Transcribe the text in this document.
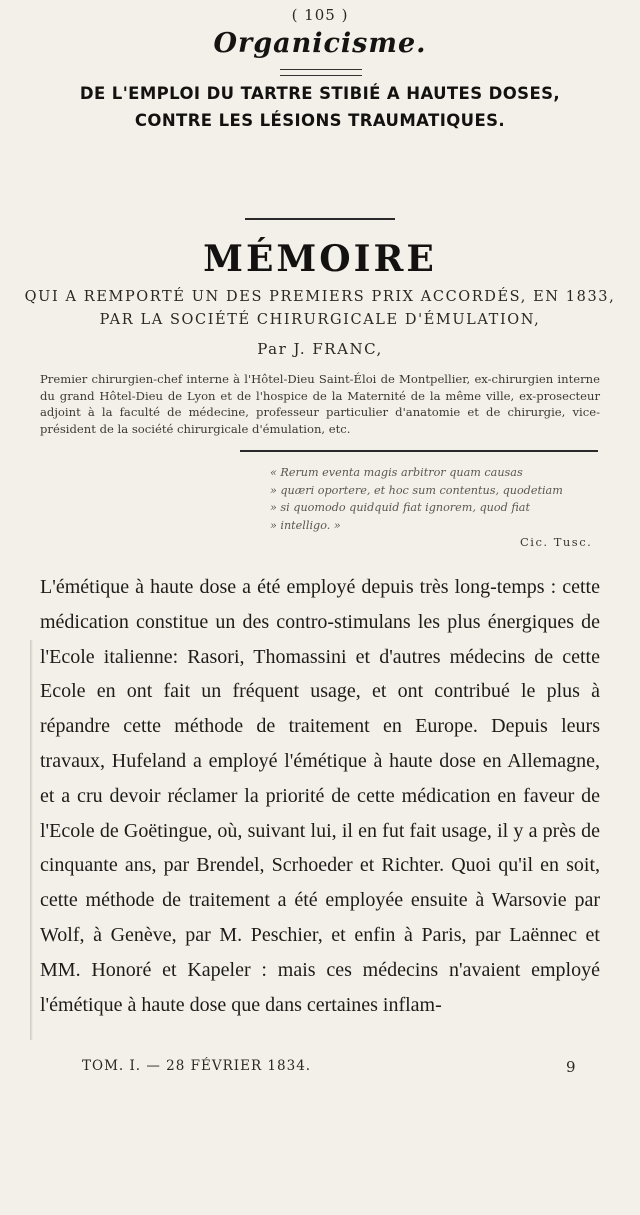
( 105 )
Organicisme.
DE L'EMPLOI DU TARTRE STIBIÉ A HAUTES DOSES,
CONTRE LES LÉSIONS TRAUMATIQUES.
MÉMOIRE
QUI A REMPORTÉ UN DES PREMIERS PRIX ACCORDÉS, EN 1833,
PAR LA SOCIÉTÉ CHIRURGICALE D'ÉMULATION,
Par J. FRANC,
Premier chirurgien-chef interne à l'Hôtel-Dieu Saint-Éloi de Montpellier, ex-chirurgien interne du grand Hôtel-Dieu de Lyon et de l'hospice de la Maternité de la même ville, ex-prosecteur adjoint à la faculté de médecine, professeur particulier d'anatomie et de chirurgie, vice-président de la société chirurgicale d'émulation, etc.
« Rerum eventa magis arbitror quam causas
» quæri oportere, et hoc sum contentus, quodetiam
» si quomodo quidquid fiat ignorem, quod fiat
» intelligo. »
Cic. Tusc.

L'émétique à haute dose a été employé depuis très long-temps : cette médication constitue un des contro-stimulans les plus énergiques de l'Ecole italienne: Rasori, Thomassini et d'autres médecins de cette Ecole en ont fait un fréquent usage, et ont contribué le plus à répandre cette méthode de traitement en Europe. Depuis leurs travaux, Hufeland a employé l'émétique à haute dose en Allemagne, et a cru devoir réclamer la priorité de cette médication en faveur de l'Ecole de Goëtingue, où, suivant lui, il en fut fait usage, il y a près de cinquante ans, par Brendel, Scrhoeder et Richter. Quoi qu'il en soit, cette méthode de traitement a été employée ensuite à Warsovie par Wolf, à Genève, par M. Peschier, et enfin à Paris, par Laënnec et MM. Honoré et Kapeler : mais ces médecins n'avaient employé l'émétique à haute dose que dans certaines inflam-

TOM. I. — 28 FÉVRIER 1834.	9
